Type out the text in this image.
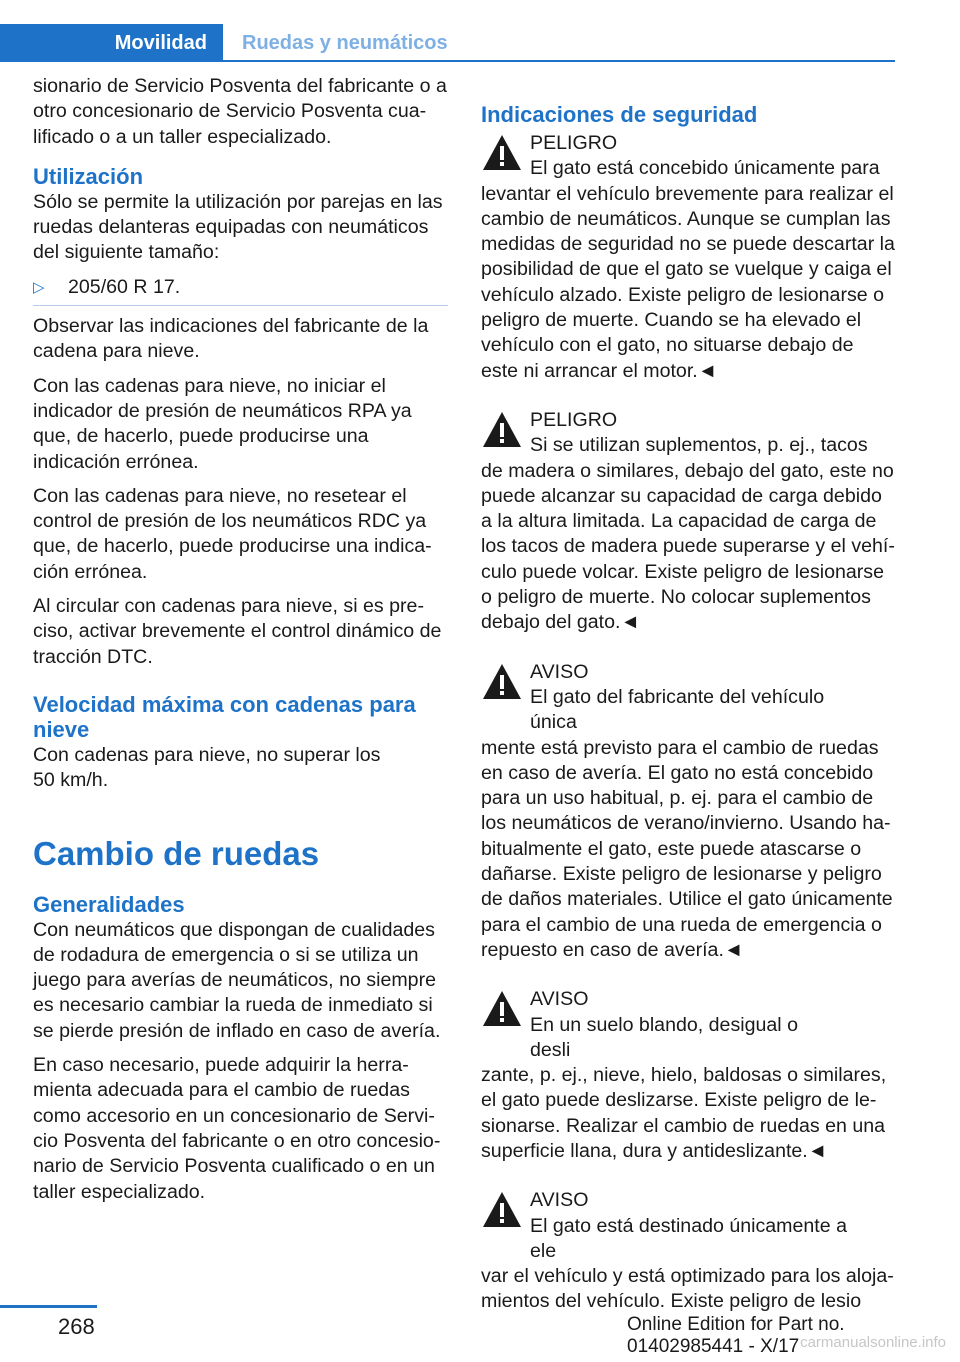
Movilidad	Ruedas y neumáticos

sionario de Servicio Posventa del fabricante o a otro concesionario de Servicio Posventa cualificado o a un taller especializado.

Utilización

Sólo se permite la utilización por parejas en las ruedas delanteras equipadas con neumáticos del siguiente tamaño:

▷	205/60 R 17.

Observar las indicaciones del fabricante de la cadena para nieve.

Con las cadenas para nieve, no iniciar el indicador de presión de neumáticos RPA ya que, de hacerlo, puede producirse una indicación errónea.

Con las cadenas para nieve, no resetear el control de presión de los neumáticos RDC ya que, de hacerlo, puede producirse una indicación errónea.

Al circular con cadenas para nieve, si es preciso, activar brevemente el control dinámico de tracción DTC.

Velocidad máxima con cadenas para nieve

Con cadenas para nieve, no superar los 50 km/h.

Cambio de ruedas
Generalidades

Con neumáticos que dispongan de cualidades de rodadura de emergencia o si se utiliza un juego para averías de neumáticos, no siempre es necesario cambiar la rueda de inmediato si se pierde presión de inflado en caso de avería.

En caso necesario, puede adquirir la herramienta adecuada para el cambio de ruedas como accesorio en un concesionario de Servicio Posventa del fabricante o en otro concesionario de Servicio Posventa cualificado o en un taller especializado.

Indicaciones de seguridad
PELIGRO
El gato está concebido únicamente para

levantar el vehículo brevemente para realizar el cambio de neumáticos. Aunque se cumplan las medidas de seguridad no se puede descartar la posibilidad de que el gato se vuelque y caiga el vehículo alzado. Existe peligro de lesionarse o peligro de muerte. Cuando se ha elevado el vehículo con el gato, no situarse debajo de este ni arrancar el motor.◄

PELIGRO
Si se utilizan suplementos, p. ej., tacos

de madera o similares, debajo del gato, este no puede alcanzar su capacidad de carga debido a la altura limitada. La capacidad de carga de los tacos de madera puede superarse y el vehículo puede volcar. Existe peligro de lesionarse o peligro de muerte. No colocar suplementos debajo del gato.◄

AVISO
El gato del fabricante del vehículo única

mente está previsto para el cambio de ruedas en caso de avería. El gato no está concebido para un uso habitual, p. ej. para el cambio de los neumáticos de verano/invierno. Usando habitualmente el gato, este puede atascarse o dañarse. Existe peligro de lesionarse y peligro de daños materiales. Utilice el gato únicamente para el cambio de una rueda de emergencia o repuesto en caso de avería.◄

AVISO
En un suelo blando, desigual o desli

zante, p. ej., nieve, hielo, baldosas o similares, el gato puede deslizarse. Existe peligro de lesionarse. Realizar el cambio de ruedas en una superficie llana, dura y antideslizante.◄

AVISO
El gato está destinado únicamente a ele

var el vehículo y está optimizado para los alojamientos del vehículo. Existe peligro de lesio

268	Online Edition for Part no. 01402985441 - X/17 carmanualsonline.info
